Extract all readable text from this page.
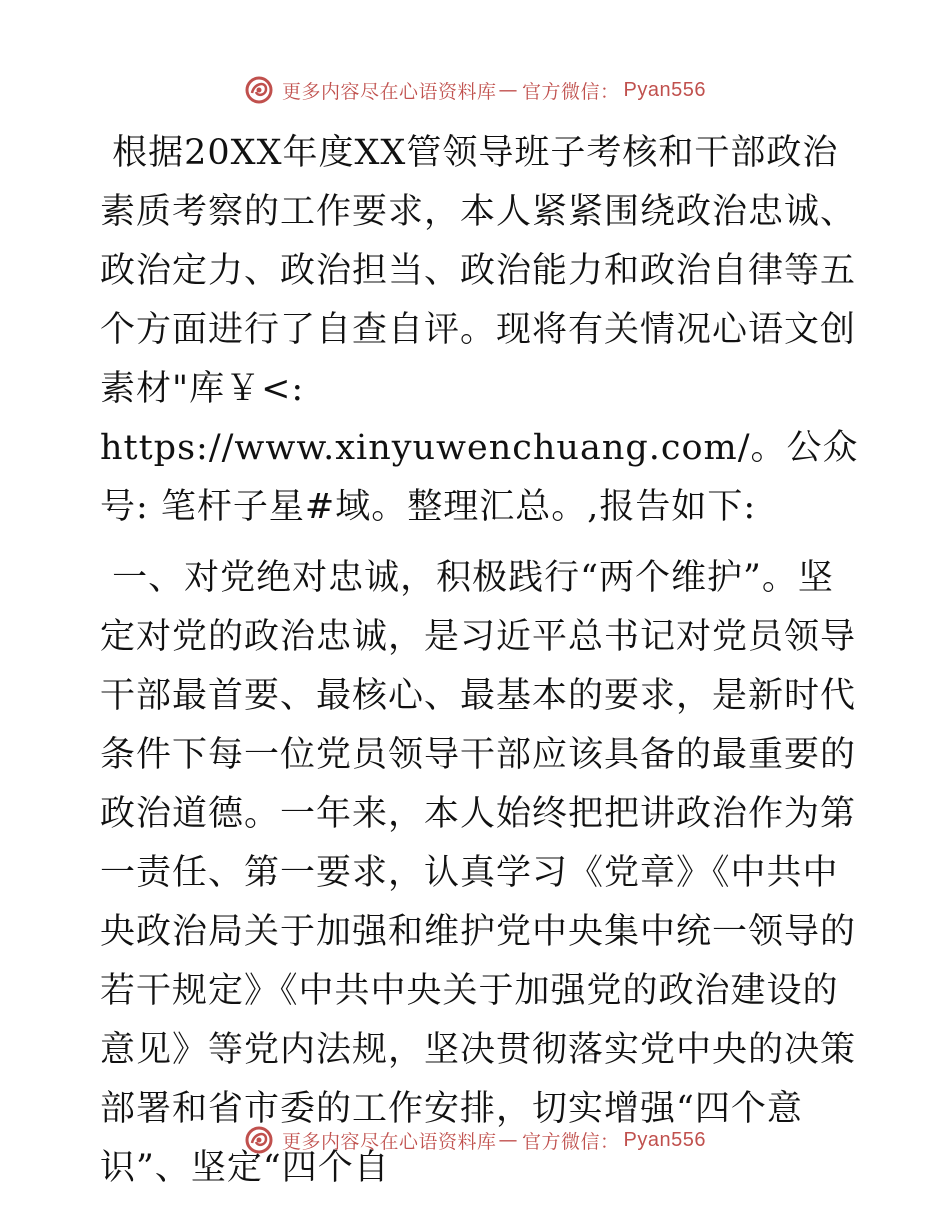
更多内容尽在心语资料库 — 官方微信： Pyan556

根据20XX年度XX管领导班子考核和干部政治素质考察的工作要求，本人紧紧围绕政治忠诚、政治定力、政治担当、政治能力和政治自律等五个方面进行了自查自评。现将有关情况心语文创素材"库￥<: https://www.xinyuwenchuang.com/。公众号: 笔杆子星#域。整理汇总。,报告如下:

一、对党绝对忠诚，积极践行“两个维护”。坚定对党的政治忠诚，是习近平总书记对党员领导干部最首要、最核心、最基本的要求，是新时代条件下每一位党员领导干部应该具备的最重要的政治道德。一年来，本人始终把把讲政治作为第一责任、第一要求，认真学习《党章》《中共中央政治局关于加强和维护党中央集中统一领导的若干规定》《中共中央关于加强党的政治建设的意见》等党内法规，坚决贯彻落实党中央的决策部署和省市委的工作安排，切实增强“四个意识”、坚定“四个自

更多内容尽在心语资料库 — 官方微信： Pyan556
